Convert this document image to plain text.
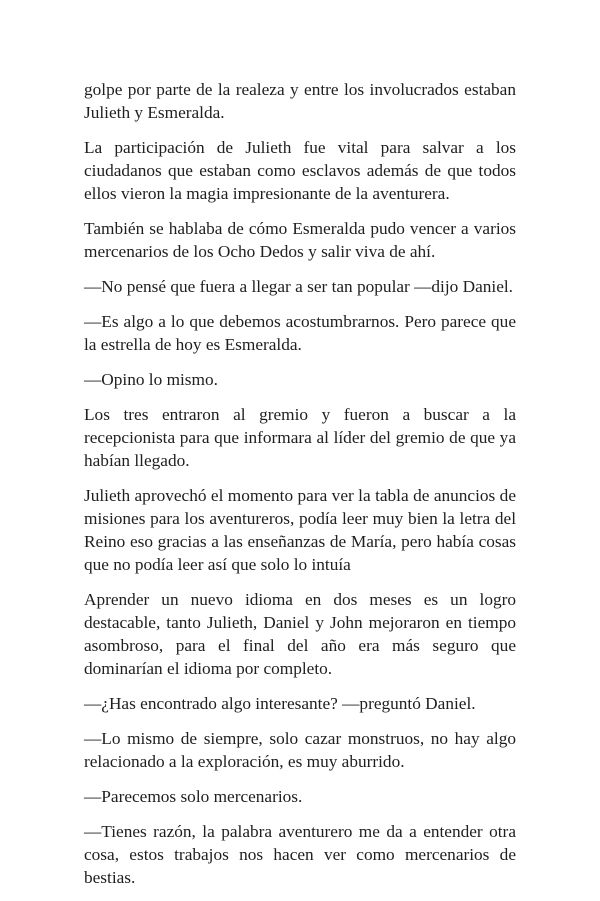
golpe por parte de la realeza y entre los involucrados estaban Julieth y Esmeralda.

La participación de Julieth fue vital para salvar a los ciudadanos que estaban como esclavos además de que todos ellos vieron la magia impresionante de la aventurera.

También se hablaba de cómo Esmeralda pudo vencer a varios mercenarios de los Ocho Dedos y salir viva de ahí.

—No pensé que fuera a llegar a ser tan popular —dijo Daniel.

—Es algo a lo que debemos acostumbrarnos. Pero parece que la estrella de hoy es Esmeralda.

—Opino lo mismo.

Los tres entraron al gremio y fueron a buscar a la recepcionista para que informara al líder del gremio de que ya habían llegado.

Julieth aprovechó el momento para ver la tabla de anuncios de misiones para los aventureros, podía leer muy bien la letra del Reino eso gracias a las enseñanzas de María, pero había cosas que no podía leer así que solo lo intuía

Aprender un nuevo idioma en dos meses es un logro destacable, tanto Julieth, Daniel y John mejoraron en tiempo asombroso, para el final del año era más seguro que dominarían el idioma por completo.

—¿Has encontrado algo interesante? —preguntó Daniel.

—Lo mismo de siempre, solo cazar monstruos, no hay algo relacionado a la exploración, es muy aburrido.

—Parecemos solo mercenarios.

—Tienes razón, la palabra aventurero me da a entender otra cosa, estos trabajos nos hacen ver como mercenarios de bestias.
